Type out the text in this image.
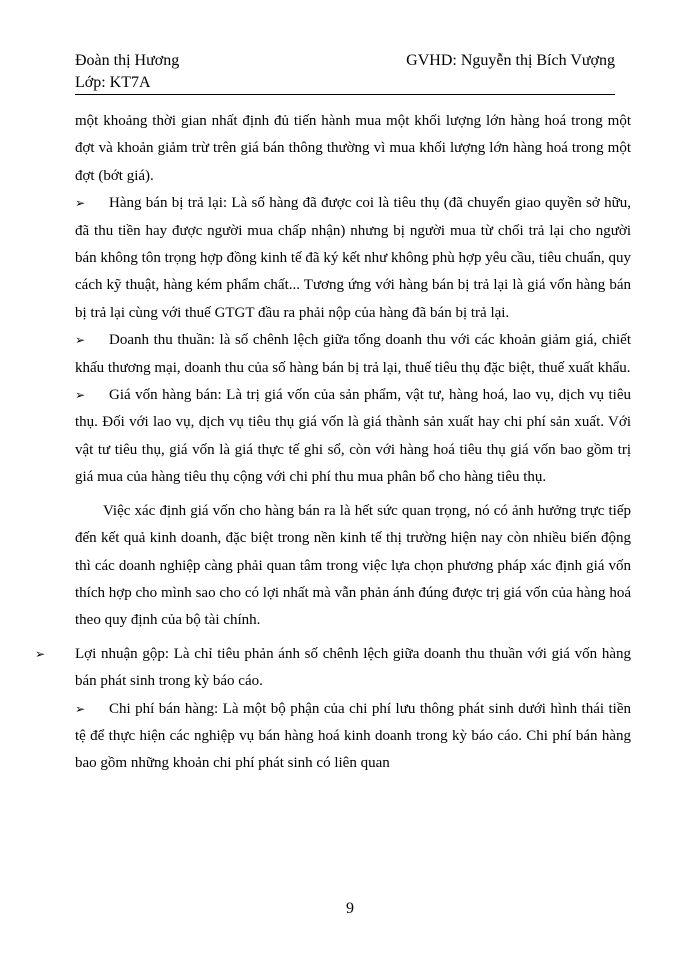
Đoàn thị Hương	GVHD: Nguyễn thị Bích Vượng
Lớp: KT7A

một khoảng thời gian nhất định đủ tiến hành mua một khối lượng lớn hàng hoá trong một đợt và khoản giảm trừ trên giá bán thông thường vì mua khối lượng lớn hàng hoá trong một đợt (bớt giá).

➢ Hàng bán bị trả lại: Là số hàng đã được coi là tiêu thụ (đã chuyển giao quyền sở hữu, đã thu tiền hay được người mua chấp nhận) nhưng bị người mua từ chối trả lại cho người bán không tôn trọng hợp đồng kinh tế đã ký kết như không phù hợp yêu cầu, tiêu chuẩn, quy cách kỹ thuật, hàng kém phẩm chất... Tương ứng với hàng bán bị trả lại là giá vốn hàng bán bị trả lại cùng với thuế GTGT đầu ra phải nộp của hàng đã bán bị trả lại.

➢ Doanh thu thuần: là số chênh lệch giữa tổng doanh thu với các khoản giảm giá, chiết khấu thương mại, doanh thu của số hàng bán bị trả lại, thuế tiêu thụ đặc biệt, thuế xuất khẩu.

➢ Giá vốn hàng bán: Là trị giá vốn của sản phẩm, vật tư, hàng hoá, lao vụ, dịch vụ tiêu thụ. Đối với lao vụ, dịch vụ tiêu thụ giá vốn là giá thành sản xuất hay chi phí sản xuất. Với vật tư tiêu thụ, giá vốn là giá thực tế ghi sổ, còn với hàng hoá tiêu thụ giá vốn bao gồm trị giá mua của hàng tiêu thụ cộng với chi phí thu mua phân bổ cho hàng tiêu thụ.

Việc xác định giá vốn cho hàng bán ra là hết sức quan trọng, nó có ảnh hưởng trực tiếp đến kết quả kinh doanh, đặc biệt trong nền kinh tế thị trường hiện nay còn nhiều biến động thì các doanh nghiệp càng phải quan tâm trong việc lựa chọn phương pháp xác định giá vốn thích hợp cho mình sao cho có lợi nhất mà vẫn phản ánh đúng được trị giá vốn của hàng hoá theo quy định của bộ tài chính.

➢ Lợi nhuận gộp: Là chỉ tiêu phản ánh số chênh lệch giữa doanh thu thuần với giá vốn hàng bán phát sinh trong kỳ báo cáo.

➢ Chi phí bán hàng: Là một bộ phận của chi phí lưu thông phát sinh dưới hình thái tiền tệ để thực hiện các nghiệp vụ bán hàng hoá kinh doanh trong kỳ báo cáo. Chi phí bán hàng bao gồm những khoản chi phí phát sinh có liên quan

9
